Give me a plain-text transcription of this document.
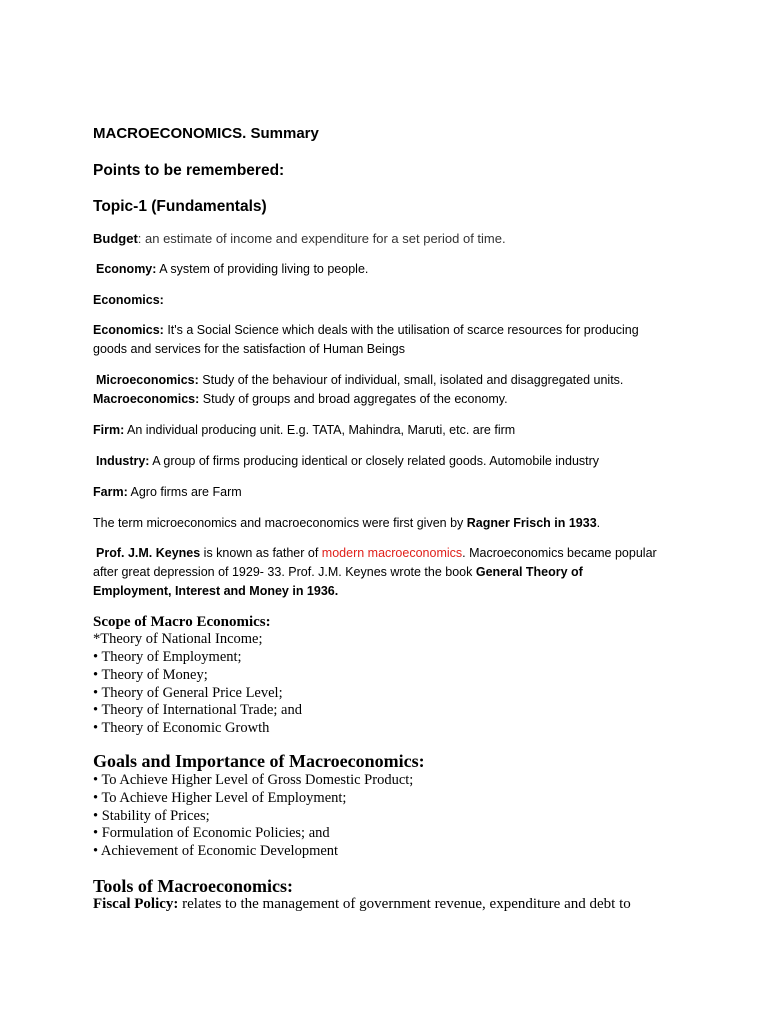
MACROECONOMICS. Summary
Points to be remembered:
Topic-1 (Fundamentals)
Budget: an estimate of income and expenditure for a set period of time.
Economy: A system of providing living to people.
Economics:
Economics: It's a Social Science which deals with the utilisation of scarce resources for producing
goods and services for the satisfaction of Human Beings
Microeconomics: Study of the behaviour of individual, small, isolated and disaggregated units.
Macroeconomics: Study of groups and broad aggregates of the economy.
Firm: An individual producing unit. E.g. TATA, Mahindra, Maruti, etc. are firm
Industry: A group of firms producing identical or closely related goods. Automobile industry
Farm: Agro firms are Farm
The term microeconomics and macroeconomics were first given by Ragner Frisch in 1933.
Prof. J.M. Keynes is known as father of modern macroeconomics. Macroeconomics became popular
after great depression of 1929- 33. Prof. J.M. Keynes wrote the book General Theory of
Employment, Interest and Money in 1936.
Scope of Macro Economics:
*Theory of National Income;
• Theory of Employment;
• Theory of Money;
• Theory of General Price Level;
• Theory of International Trade; and
• Theory of Economic Growth
Goals and Importance of Macroeconomics:
• To Achieve Higher Level of Gross Domestic Product;
• To Achieve Higher Level of Employment;
• Stability of Prices;
• Formulation of Economic Policies; and
• Achievement of Economic Development
Tools of Macroeconomics:
Fiscal Policy: relates to the management of government revenue, expenditure and debt to
